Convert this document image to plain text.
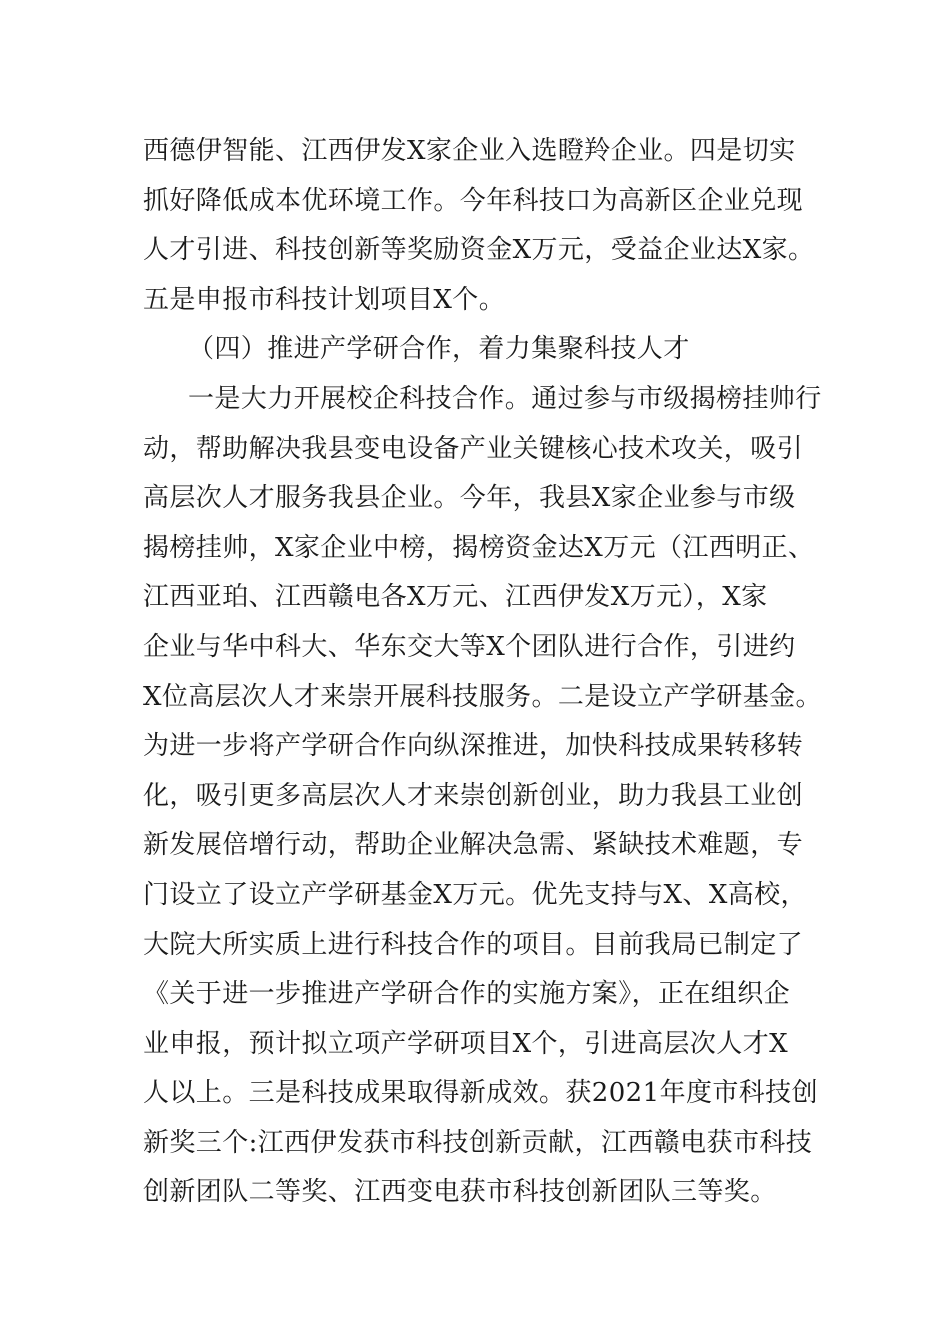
西德伊智能、江西伊发X家企业入选瞪羚企业。四是切实
抓好降低成本优环境工作。今年科技口为高新区企业兑现
人才引进、科技创新等奖励资金X万元，受益企业达X家。
五是申报市科技计划项目X个。
（四）推进产学研合作，着力集聚科技人才
一是大力开展校企科技合作。通过参与市级揭榜挂帅行
动，帮助解决我县变电设备产业关键核心技术攻关，吸引
高层次人才服务我县企业。今年，我县X家企业参与市级
揭榜挂帅，X家企业中榜，揭榜资金达X万元（江西明正、
江西亚珀、江西赣电各X万元、江西伊发X万元），X家
企业与华中科大、华东交大等X个团队进行合作，引进约
X位高层次人才来崇开展科技服务。二是设立产学研基金。
为进一步将产学研合作向纵深推进，加快科技成果转移转
化，吸引更多高层次人才来崇创新创业，助力我县工业创
新发展倍增行动，帮助企业解决急需、紧缺技术难题，专
门设立了设立产学研基金X万元。优先支持与X、X高校，
大院大所实质上进行科技合作的项目。目前我局已制定了
《关于进一步推进产学研合作的实施方案》，正在组织企
业申报，预计拟立项产学研项目X个，引进高层次人才X
人以上。三是科技成果取得新成效。获2021年度市科技创
新奖三个:江西伊发获市科技创新贡献，江西赣电获市科技
创新团队二等奖、江西变电获市科技创新团队三等奖。
